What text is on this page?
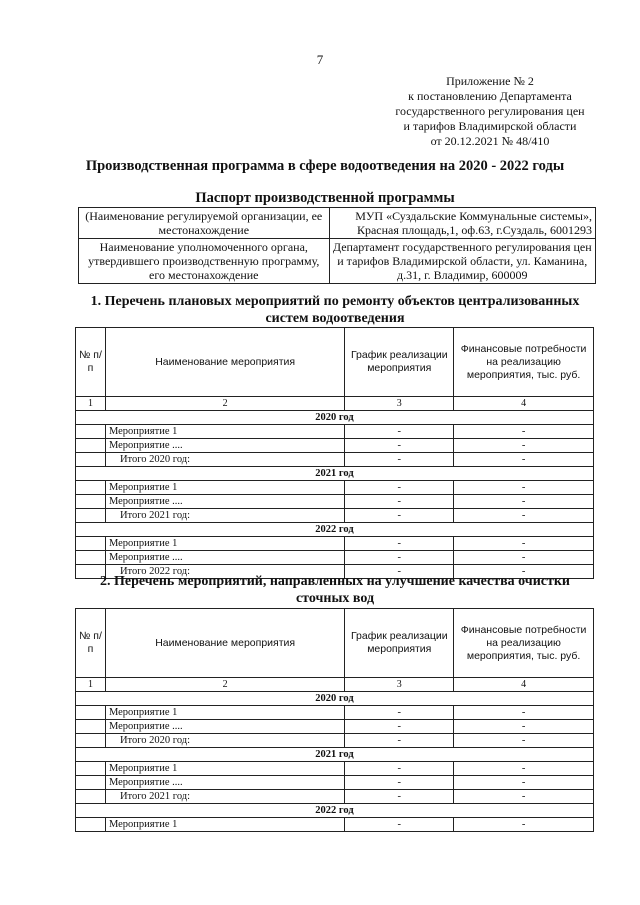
7
Приложение № 2
к постановлению Департамента
государственного регулирования цен
и тарифов Владимирской области
от 20.12.2021 № 48/410
Производственная программа в сфере водоотведения на 2020 - 2022 годы
Паспорт производственной программы
(Наименование регулируемой организации, ее местонахождение	МУП «Суздальские Коммунальные системы», Красная площадь,1, оф.63, г.Суздаль, 6001293
Наименование уполномоченного органа, утвердившего производственную программу, его местонахождение	Департамент государственного регулирования цен и тарифов Владимирской области, ул. Каманина, д.31, г. Владимир, 600009
1. Перечень плановых мероприятий по ремонту объектов централизованных систем водоотведения
№ п/п	Наименование мероприятия	График реализации мероприятия	Финансовые потребности на реализацию мероприятия, тыс. руб.
1	2	3	4
2020 год			
	Мероприятие 1	-	-
	Мероприятие ....	-	-
	Итого 2020 год:	-	-
2021 год			
	Мероприятие 1	-	-
	Мероприятие ....	-	-
	Итого 2021 год:	-	-
2022 год			
	Мероприятие 1	-	-
	Мероприятие ....	-	-
	Итого 2022 год:	-	-
2. Перечень мероприятий, направленных на улучшение качества очистки сточных вод
№ п/п	Наименование мероприятия	График реализации мероприятия	Финансовые потребности на реализацию мероприятия, тыс. руб.
1	2	3	4
2020 год			
	Мероприятие 1	-	-
	Мероприятие ....	-	-
	Итого 2020 год:	-	-
2021 год			
	Мероприятие 1	-	-
	Мероприятие ....	-	-
	Итого 2021 год:	-	-
2022 год			
	Мероприятие 1	-	-
